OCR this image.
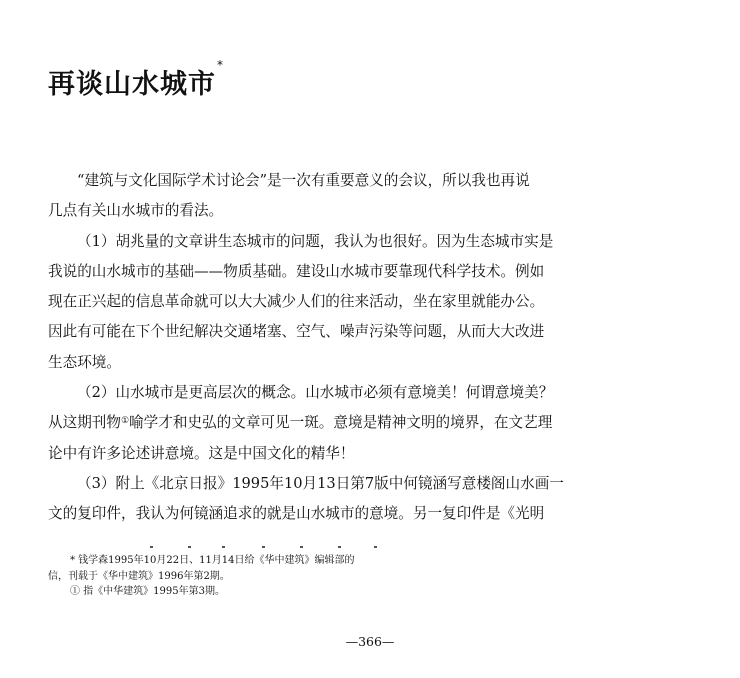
再谈山水城市*
“建筑与文化国际学术讨论会”是一次有重要意义的会议，所以我也再说
几点有关山水城市的看法。
（1）胡兆量的文章讲生态城市的问题，我认为也很好。因为生态城市实是
我说的山水城市的基础——物质基础。建设山水城市要靠现代科学技术。例如
现在正兴起的信息革命就可以大大减少人们的往来活动，坐在家里就能办公。
因此有可能在下个世纪解决交通堵塞、空气、噪声污染等问题，从而大大改进
生态环境。
（2）山水城市是更高层次的概念。山水城市必须有意境美！何谓意境美？
从这期刊物①喻学才和史弘的文章可见一斑。意境是精神文明的境界，在文艺理
论中有许多论述讲意境。这是中国文化的精华！
（3）附上《北京日报》1995年10月13日第7版中何镜涵写意楼阁山水画一
文的复印件，我认为何镜涵追求的就是山水城市的意境。另一复印件是《光明
* 钱学森1995年10月22日、11月14日给《华中建筑》编辑部的
信，刊载于《华中建筑》1996年第2期。
① 指《中华建筑》1995年第3期。
—366—
